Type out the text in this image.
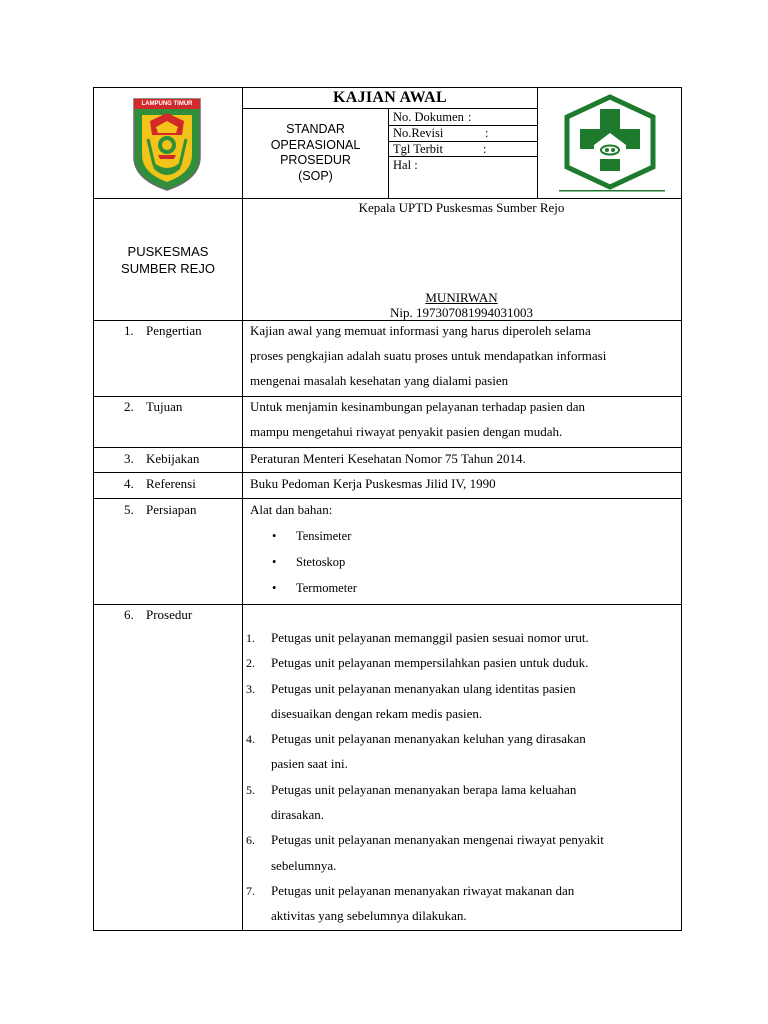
LAMPUNG TIMUR	KAJIAN AWAL
STANDAR
OPERASIONAL
PROSEDUR
(SOP)
No. Dokumen :
No.Revisi	:
Tgl Terbit	:
Hal :
PUSKESMAS
SUMBER REJO
Kepala UPTD Puskesmas Sumber Rejo
MUNIRWAN
Nip. 197307081994031003
1. Pengertian	Kajian awal yang memuat informasi yang harus diperoleh selama
proses pengkajian adalah suatu proses untuk mendapatkan informasi
mengenai masalah kesehatan yang dialami pasien
2. Tujuan	Untuk menjamin kesinambungan pelayanan terhadap pasien dan
mampu mengetahui riwayat penyakit pasien dengan mudah.
3. Kebijakan	Peraturan Menteri Kesehatan Nomor 75 Tahun 2014.
4. Referensi	Buku Pedoman Kerja Puskesmas Jilid IV, 1990
5. Persiapan	Alat dan bahan:
• Tensimeter
• Stetoskop
• Termometer
6. Prosedur
1. Petugas unit pelayanan memanggil pasien sesuai nomor urut.
2. Petugas unit pelayanan mempersilahkan pasien untuk duduk.
3. Petugas unit pelayanan menanyakan ulang identitas pasien
disesuaikan dengan rekam medis pasien.
4. Petugas unit pelayanan menanyakan keluhan yang dirasakan
pasien saat ini.
5. Petugas unit pelayanan menanyakan berapa lama keluahan
dirasakan.
6. Petugas unit pelayanan menanyakan mengenai riwayat penyakit
sebelumnya.
7. Petugas unit pelayanan menanyakan riwayat makanan dan
aktivitas yang sebelumnya dilakukan.
